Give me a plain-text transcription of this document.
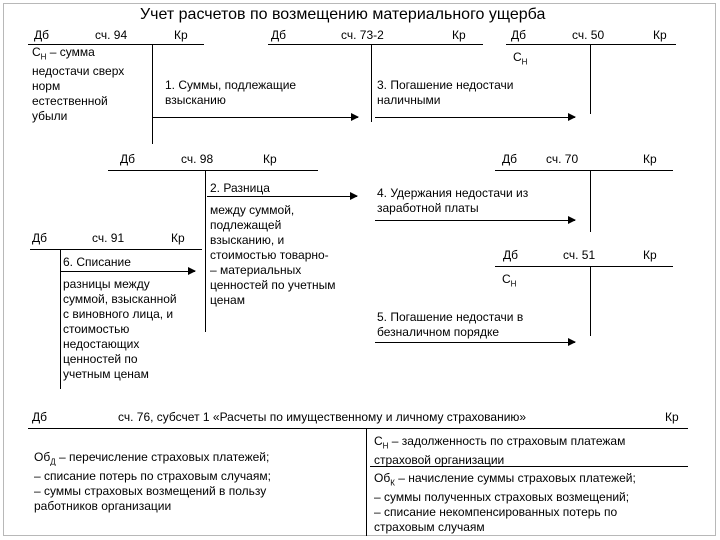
Учет расчетов по возмещению материального ущерба
Дб	сч. 94	Кр
$С_Н$ – сумма
недостачи сверх
норм
естественной
убыли
Дб	сч. 73-2	Кр	Дб	сч. 50	Кр
$С_Н$
1. Суммы, подлежащие
взысканию
3. Погашение недостачи
наличными
Дб	сч. 98	Кр
2. Разница
между суммой,
подлежащей
взысканию, и
стоимостью товарно-
– материальных
ценностей по учетным
ценам
Дб сч. 70	Кр
4. Удержания недостачи из
заработной платы
Дб	сч. 91	Кр
6. Списание
разницы между
суммой, взысканной
с виновного лица, и
стоимостью
недостающих
ценностей по
учетным ценам
Дб	сч. 51	Кр
$С_Н$
5. Погашение недостачи в
безналичном порядке
Дб	сч. 76, субсчет 1 «Расчеты по имущественному и личному страхованию»	Кр
$Об_Д$ – перечисление страховых платежей;
– списание потерь по страховым случаям;
– суммы страховых возмещений в пользу
работников организации
$С_Н$ – задолженность по страховым платежам
страховой организации
$Об_К$ – начисление суммы страховых платежей;
– суммы полученных страховых возмещений;
– списание некомпенсированных потерь по
страховым случаям
